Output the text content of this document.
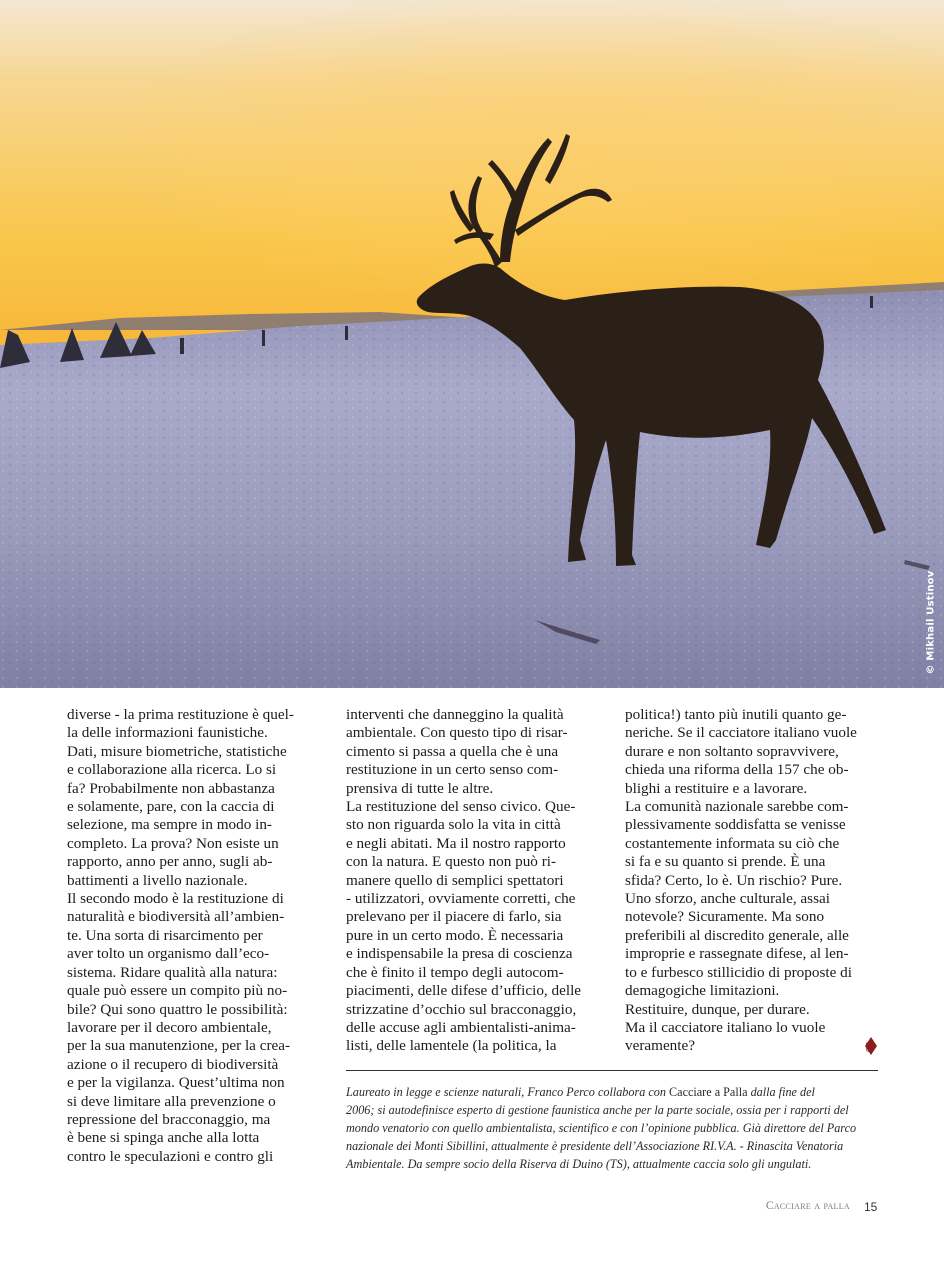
© Mikhail Ustinov
diverse - la prima restituzione è quel-
la delle informazioni faunistiche.
Dati, misure biometriche, statistiche
e collaborazione alla ricerca. Lo si
fa? Probabilmente non abbastanza
e solamente, pare, con la caccia di
selezione, ma sempre in modo in-
completo. La prova? Non esiste un
rapporto, anno per anno, sugli ab-
battimenti a livello nazionale.
Il secondo modo è la restituzione di
naturalità e biodiversità all’ambien-
te. Una sorta di risarcimento per
aver tolto un organismo dall’eco-
sistema. Ridare qualità alla natura:
quale può essere un compito più no-
bile? Qui sono quattro le possibilità:
lavorare per il decoro ambientale,
per la sua manutenzione, per la crea-
azione o il recupero di biodiversità
e per la vigilanza. Quest’ultima non
si deve limitare alla prevenzione o
repressione del bracconaggio, ma
è bene si spinga anche alla lotta
contro le speculazioni e contro gli
interventi che danneggino la qualità
ambientale. Con questo tipo di risar-
cimento si passa a quella che è una
restituzione in un certo senso com-
prensiva di tutte le altre.
La restituzione del senso civico. Que-
sto non riguarda solo la vita in città
e negli abitati. Ma il nostro rapporto
con la natura. E questo non può ri-
manere quello di semplici spettatori
- utilizzatori, ovviamente corretti, che
prelevano per il piacere di farlo, sia
pure in un certo modo. È necessaria
e indispensabile la presa di coscienza
che è finito il tempo degli autocom-
piacimenti, delle difese d’ufficio, delle
strizzatine d’occhio sul bracconaggio,
delle accuse agli ambientalisti-anima-
listi, delle lamentele (la politica, la
politica!) tanto più inutili quanto ge-
neriche. Se il cacciatore italiano vuole
durare e non soltanto sopravvivere,
chieda una riforma della 157 che ob-
blighi a restituire e a lavorare.
La comunità nazionale sarebbe com-
plessivamente soddisfatta se venisse
costantemente informata su ciò che
si fa e su quanto si prende. È una
sfida? Certo, lo è. Un rischio? Pure.
Uno sforzo, anche culturale, assai
notevole? Sicuramente. Ma sono
preferibili al discredito generale, alle
improprie e rassegnate difese, al len-
to e furbesco stillicidio di proposte di
demagogiche limitazioni.
Restituire, dunque, per durare.
Ma il cacciatore italiano lo vuole
veramente?	SO
Laureato in legge e scienze naturali, Franco Perco collabora con Cacciare a Palla dalla fine del
2006; si autodefinisce esperto di gestione faunistica anche per la parte sociale, ossia per i rapporti del
mondo venatorio con quello ambientalista, scientifico e con l’opinione pubblica. Già direttore del Parco
nazionale dei Monti Sibillini, attualmente è presidente dell’Associazione RI.V.A. - Rinascita Venatoria
Ambientale. Da sempre socio della Riserva di Duino (TS), attualmente caccia solo gli ungulati.
Cacciare a palla 15
